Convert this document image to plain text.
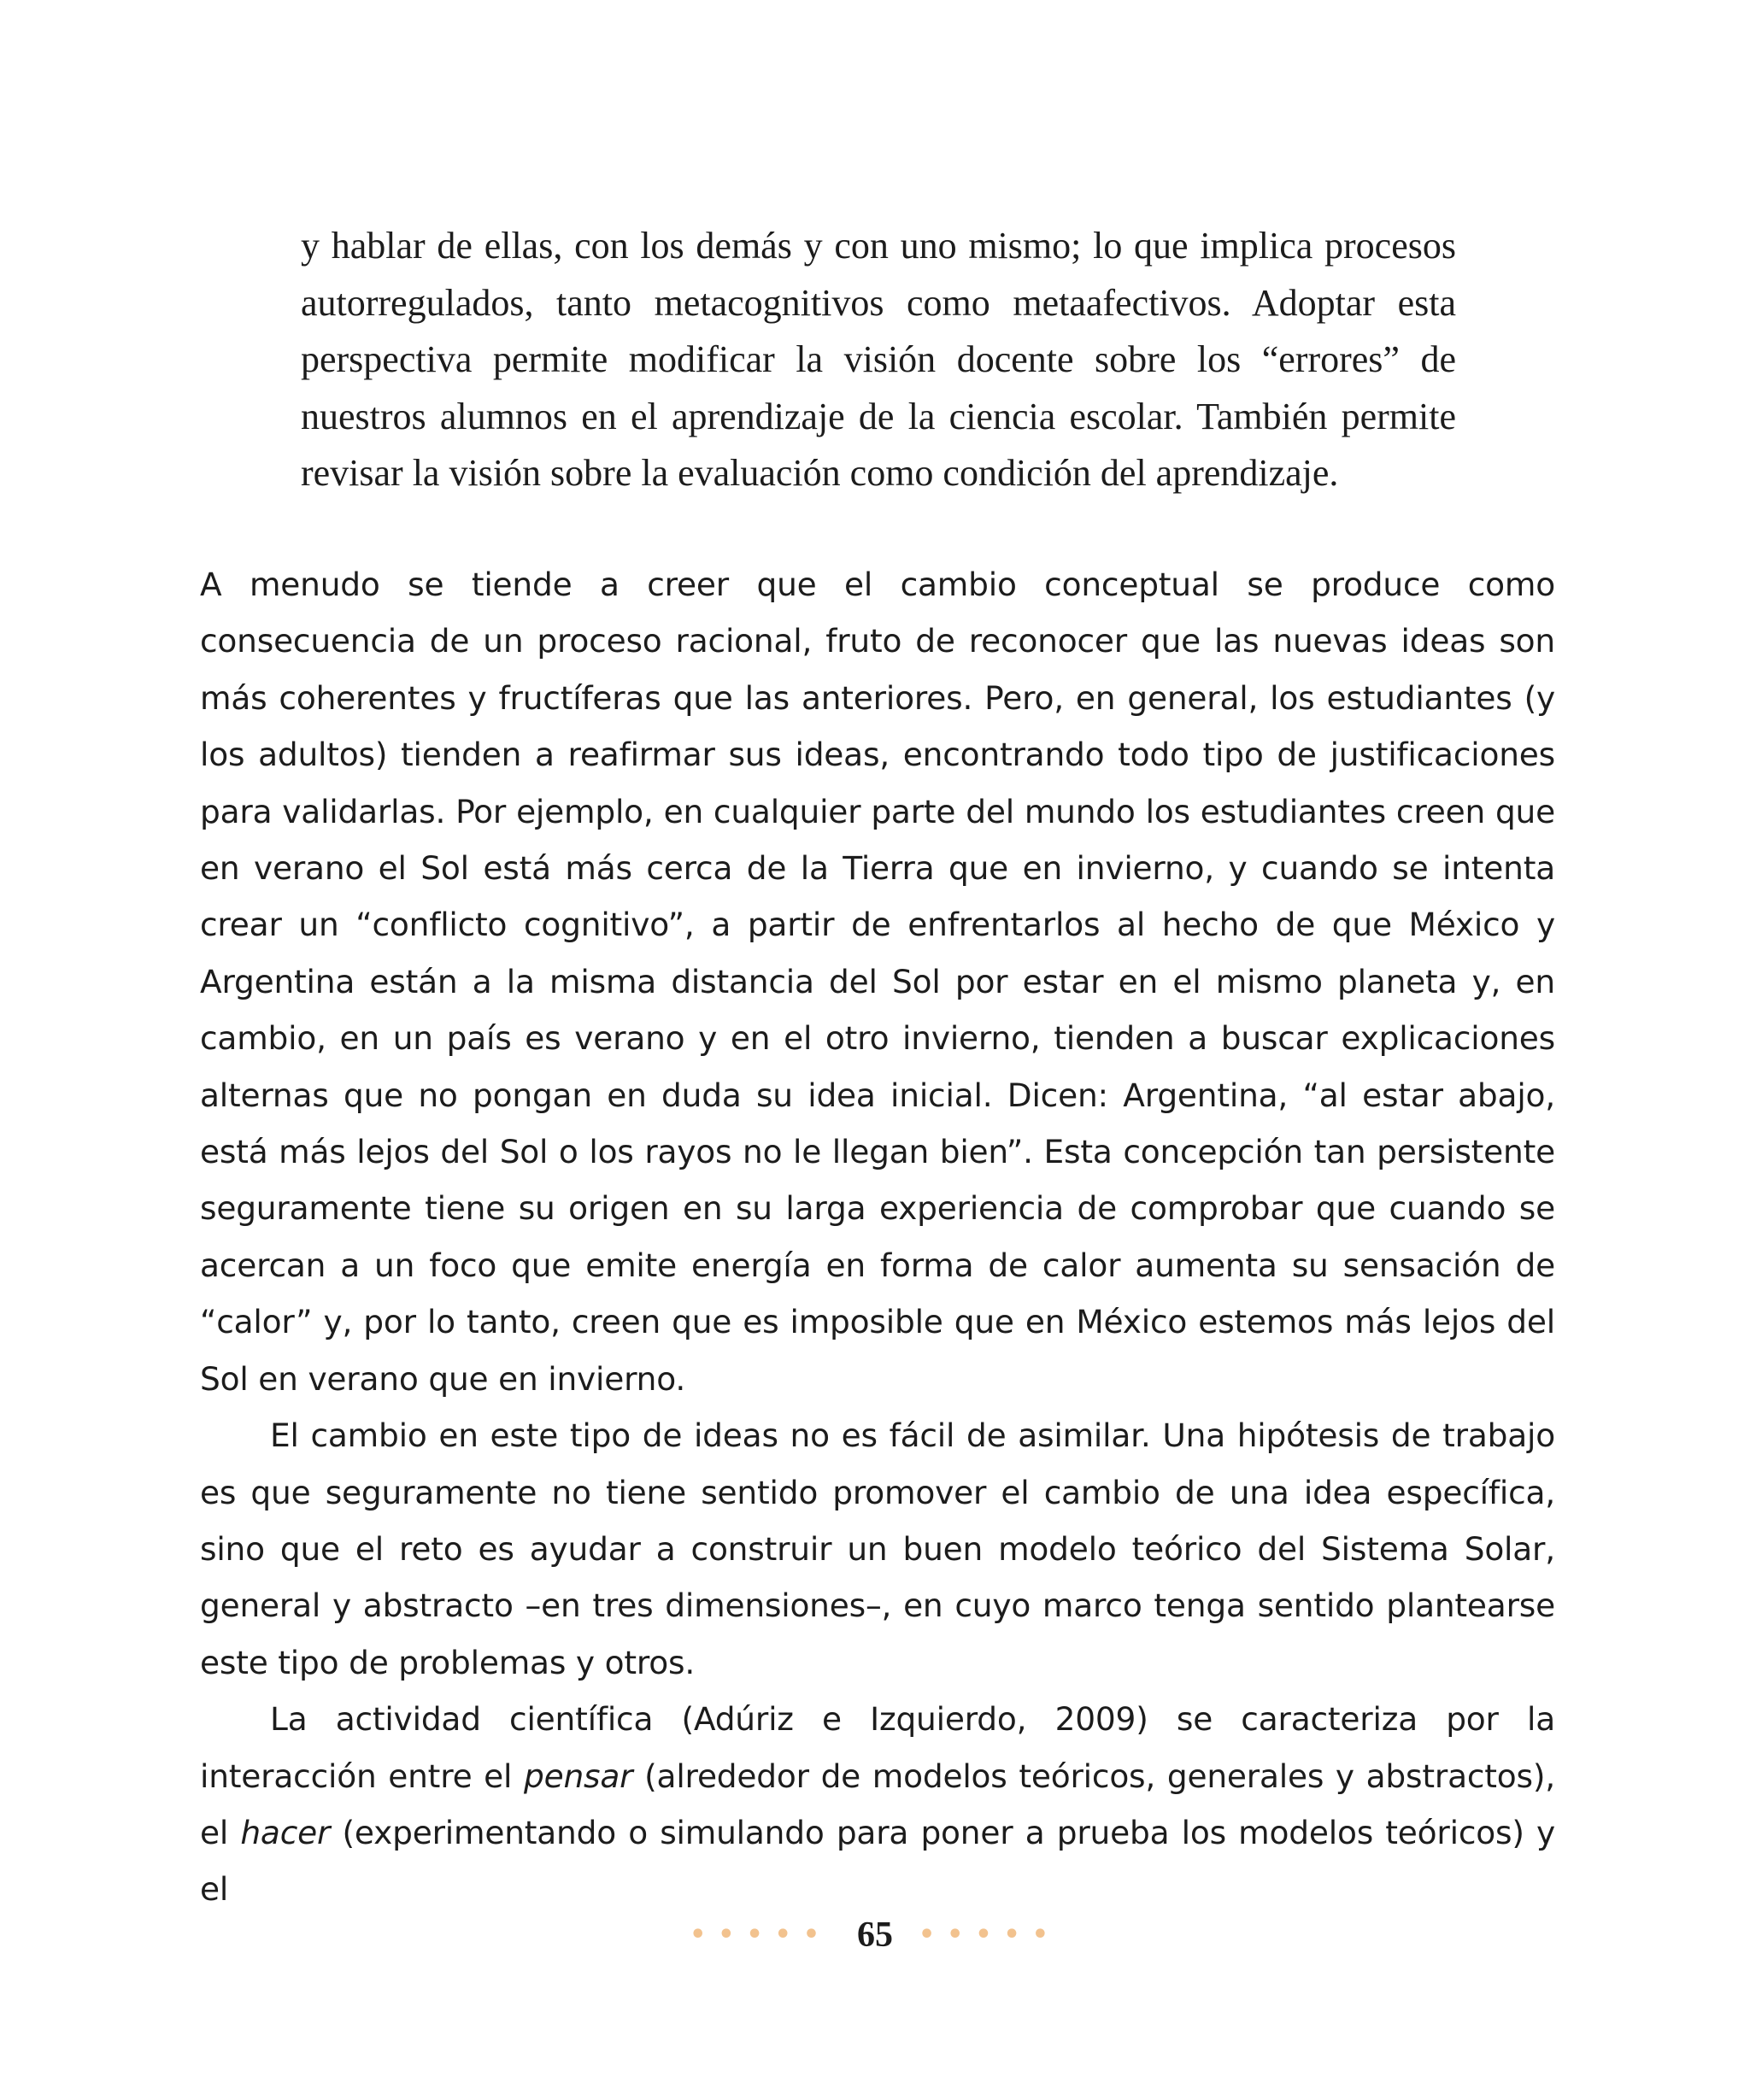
y hablar de ellas, con los demás y con uno mismo; lo que implica procesos autorregulados, tanto metacognitivos como metaafectivos. Adoptar esta perspectiva permite modificar la visión docente sobre los “errores” de nuestros alumnos en el aprendizaje de la ciencia escolar. También permite revisar la visión sobre la evaluación como condición del aprendizaje.

A menudo se tiende a creer que el cambio conceptual se produce como consecuencia de un proceso racional, fruto de reconocer que las nuevas ideas son más coherentes y fructíferas que las anteriores. Pero, en general, los estudiantes (y los adultos) tienden a reafirmar sus ideas, encontrando todo tipo de justificaciones para validarlas. Por ejemplo, en cualquier parte del mundo los estudiantes creen que en verano el Sol está más cerca de la Tierra que en invierno, y cuando se intenta crear un “conflicto cognitivo”, a partir de enfrentarlos al hecho de que México y Argentina están a la misma distancia del Sol por estar en el mismo planeta y, en cambio, en un país es verano y en el otro invierno, tienden a buscar explicaciones alternas que no pongan en duda su idea inicial. Dicen: Argentina, “al estar abajo, está más lejos del Sol o los rayos no le llegan bien”. Esta concepción tan persistente seguramente tiene su origen en su larga experiencia de comprobar que cuando se acercan a un foco que emite energía en forma de calor aumenta su sensación de “calor” y, por lo tanto, creen que es imposible que en México estemos más lejos del Sol en verano que en invierno.

El cambio en este tipo de ideas no es fácil de asimilar. Una hipótesis de trabajo es que seguramente no tiene sentido promover el cambio de una idea específica, sino que el reto es ayudar a construir un buen modelo teórico del Sistema Solar, general y abstracto –en tres dimensiones–, en cuyo marco tenga sentido plantearse este tipo de problemas y otros.

La actividad científica (Adúriz e Izquierdo, 2009) se caracteriza por la interacción entre el pensar (alrededor de modelos teóricos, generales y abstractos), el hacer (experimentando o simulando para poner a prueba los modelos teóricos) y el

••••• 65 •••••
